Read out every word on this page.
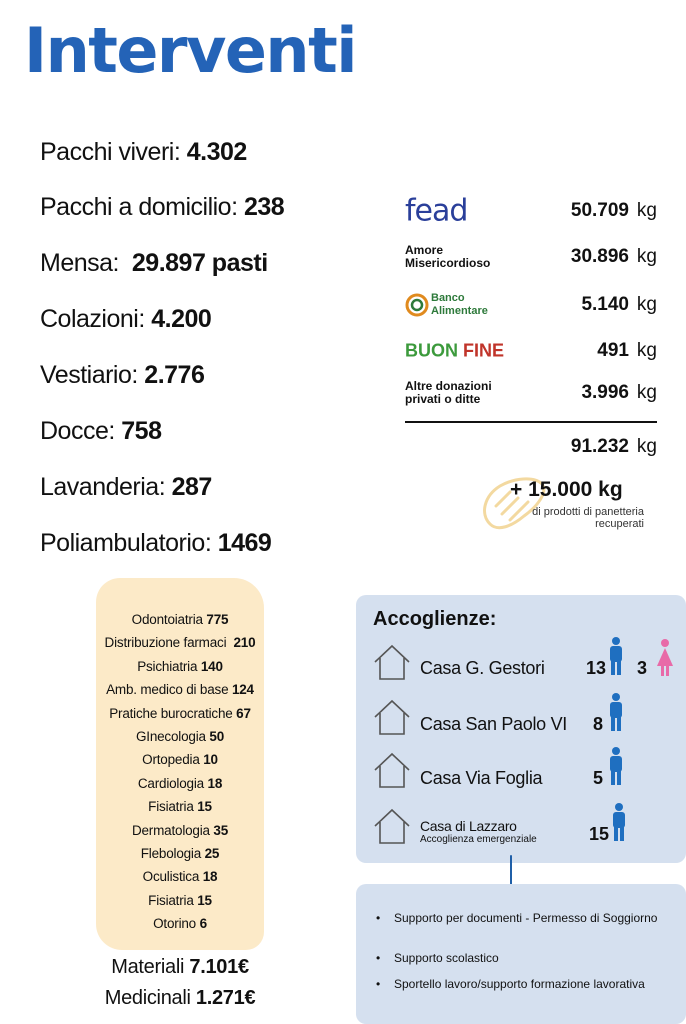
Interventi
Pacchi viveri: 4.302
Pacchi a domicilio: 238
Mensa: 29.897 pasti
Colazioni: 4.200
Vestiario: 2.776
Docce: 758
Lavanderia: 287
Poliambulatorio: 1469
fead	50.709 kg
Amore Misericordioso	30.896 kg
Banco Alimentare	5.140 kg
BUON FINE	491 kg
Altre donazioni privati o ditte	3.996 kg
91.232 kg
+ 15.000 kg
di prodotti di panetteria recuperati
Odontoiatria 775
Distribuzione farmaci 210
Psichiatria 140
Amb. medico di base 124
Pratiche burocratiche 67
GInecologia 50
Ortopedia 10
Cardiologia 18
Fisiatria 15
Dermatologia 35
Flebologia 25
Oculistica 18
Fisiatria 15
Otorino 6
Materiali 7.101€
Medicinali 1.271€
Accoglienze:
Casa G. Gestori 13 3
Casa San Paolo VI 8
Casa Via Foglia	5
Casa di Lazzaro
Accoglienza emergenziale	15
•	Supporto per documenti - Permesso di Soggiorno
•	Supporto scolastico
•	Sportello lavoro/supporto formazione lavorativa
